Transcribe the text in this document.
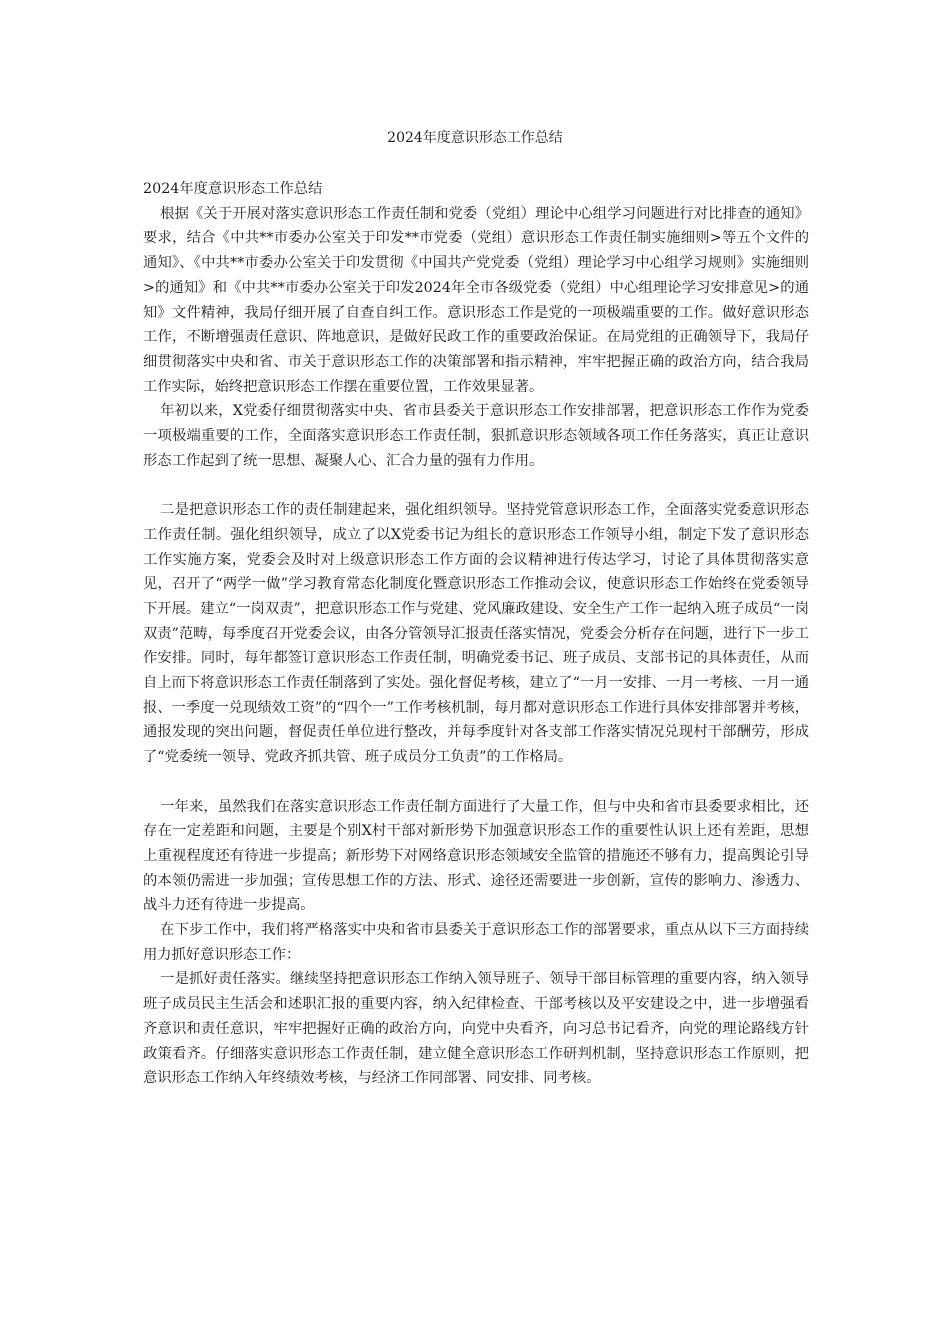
2024年度意识形态工作总结

2024年度意识形态工作总结

根据《关于开展对落实意识形态工作责任制和党委（党组）理论中心组学习问题进行对比排查的通知》要求，结合《中共**市委办公室关于印发**市党委（党组）意识形态工作责任制实施细则>等五个文件的通知》、《中共**市委办公室关于印发贯彻《中国共产党党委（党组）理论学习中心组学习规则》实施细则>的通知》和《中共**市委办公室关于印发2024年全市各级党委（党组）中心组理论学习安排意见>的通知》文件精神，我局仔细开展了自查自纠工作。意识形态工作是党的一项极端重要的工作。做好意识形态工作，不断增强责任意识、阵地意识，是做好民政工作的重要政治保证。在局党组的正确领导下，我局仔细贯彻落实中央和省、市关于意识形态工作的决策部署和指示精神，牢牢把握正确的政治方向，结合我局工作实际，始终把意识形态工作摆在重要位置，工作效果显著。

年初以来，X党委仔细贯彻落实中央、省市县委关于意识形态工作安排部署，把意识形态工作作为党委一项极端重要的工作，全面落实意识形态工作责任制，狠抓意识形态领域各项工作任务落实，真正让意识形态工作起到了统一思想、凝聚人心、汇合力量的强有力作用。

二是把意识形态工作的责任制建起来，强化组织领导。坚持党管意识形态工作，全面落实党委意识形态工作责任制。强化组织领导，成立了以X党委书记为组长的意识形态工作领导小组，制定下发了意识形态工作实施方案，党委会及时对上级意识形态工作方面的会议精神进行传达学习，讨论了具体贯彻落实意见，召开了“两学一做”学习教育常态化制度化暨意识形态工作推动会议，使意识形态工作始终在党委领导下开展。建立“一岗双责”，把意识形态工作与党建、党风廉政建设、安全生产工作一起纳入班子成员“一岗双责”范畴，每季度召开党委会议，由各分管领导汇报责任落实情况，党委会分析存在问题，进行下一步工作安排。同时，每年都签订意识形态工作责任制，明确党委书记、班子成员、支部书记的具体责任，从而自上而下将意识形态工作责任制落到了实处。强化督促考核，建立了“一月一安排、一月一考核、一月一通报、一季度一兑现绩效工资”的“四个一”工作考核机制，每月都对意识形态工作进行具体安排部署并考核，通报发现的突出问题，督促责任单位进行整改，并每季度针对各支部工作落实情况兑现村干部酬劳，形成了“党委统一领导、党政齐抓共管、班子成员分工负责”的工作格局。

一年来，虽然我们在落实意识形态工作责任制方面进行了大量工作，但与中央和省市县委要求相比，还存在一定差距和问题，主要是个别X村干部对新形势下加强意识形态工作的重要性认识上还有差距，思想上重视程度还有待进一步提高；新形势下对网络意识形态领域安全监管的措施还不够有力，提高舆论引导的本领仍需进一步加强；宣传思想工作的方法、形式、途径还需要进一步创新，宣传的影响力、渗透力、战斗力还有待进一步提高。

在下步工作中，我们将严格落实中央和省市县委关于意识形态工作的部署要求，重点从以下三方面持续用力抓好意识形态工作：

一是抓好责任落实。继续坚持把意识形态工作纳入领导班子、领导干部目标管理的重要内容，纳入领导班子成员民主生活会和述职汇报的重要内容，纳入纪律检查、干部考核以及平安建设之中，进一步增强看齐意识和责任意识，牢牢把握好正确的政治方向，向党中央看齐，向习总书记看齐，向党的理论路线方针政策看齐。仔细落实意识形态工作责任制，建立健全意识形态工作研判机制，坚持意识形态工作原则，把意识形态工作纳入年终绩效考核，与经济工作同部署、同安排、同考核。
